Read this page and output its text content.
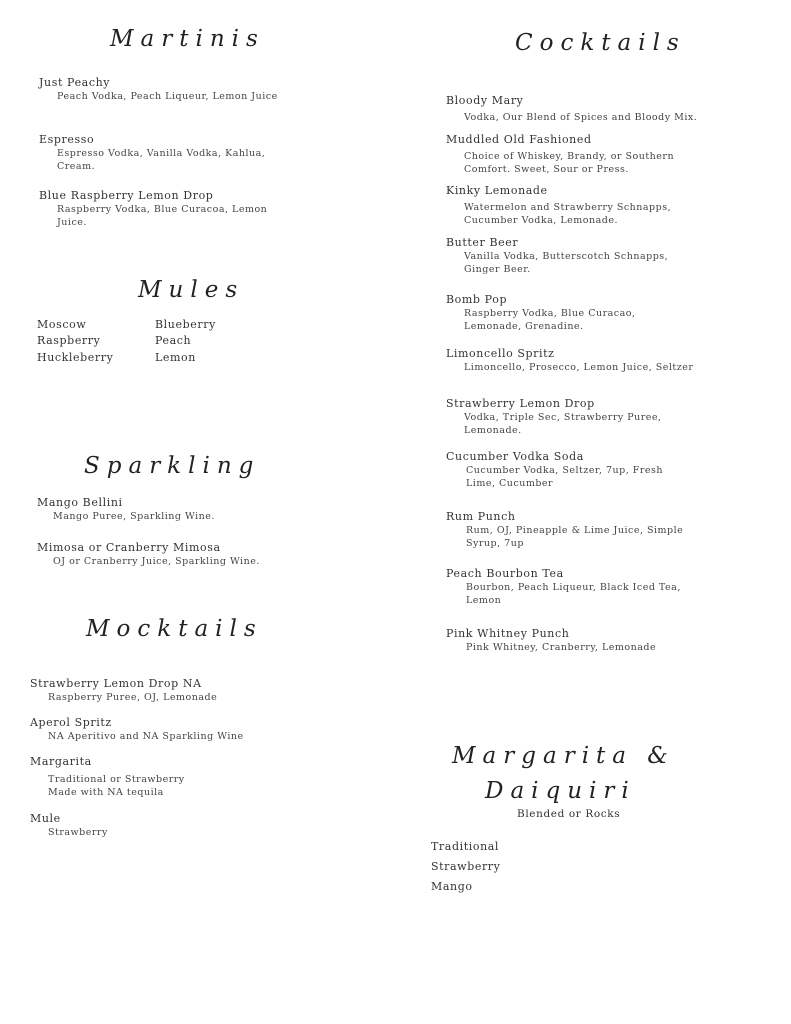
Martinis
Just Peachy
Peach Vodka, Peach Liqueur, Lemon Juice
Espresso
Espresso Vodka, Vanilla Vodka, Kahlua, Cream.
Blue Raspberry Lemon Drop
Raspberry Vodka, Blue Curacoa, Lemon Juice.
Mules
Moscow
Raspberry
Huckleberry
Blueberry
Peach
Lemon
Sparkling
Mango Bellini
Mango Puree, Sparkling Wine.
Mimosa or Cranberry Mimosa
OJ or Cranberry Juice, Sparkling Wine.
Mocktails
Strawberry Lemon Drop NA
Raspberry Puree, OJ, Lemonade
Aperol Spritz
NA Aperitivo and NA Sparkling Wine
Margarita
Traditional or Strawberry
Made with NA tequila
Mule
Strawberry
Cocktails
Bloody Mary
Vodka, Our Blend of Spices and Bloody Mix.
Muddled Old Fashioned
Choice of Whiskey, Brandy, or Southern Comfort. Sweet, Sour or Press.
Kinky Lemonade
Watermelon and Strawberry Schnapps, Cucumber Vodka, Lemonade.
Butter Beer
Vanilla Vodka, Butterscotch Schnapps, Ginger Beer.
Bomb Pop
Raspberry Vodka, Blue Curacao, Lemonade, Grenadine.
Limoncello Spritz
Limoncello, Prosecco, Lemon Juice, Seltzer
Strawberry Lemon Drop
Vodka, Triple Sec, Strawberry Puree, Lemonade.
Cucumber Vodka Soda
Cucumber Vodka, Seltzer, 7up, Fresh Lime, Cucumber
Rum Punch
Rum, OJ, Pineapple & Lime Juice, Simple Syrup, 7up
Peach Bourbon Tea
Bourbon, Peach Liqueur, Black Iced Tea, Lemon
Pink Whitney Punch
Pink Whitney, Cranberry, Lemonade
Margarita &
Daiquiri
Blended or Rocks
Traditional
Strawberry
Mango
